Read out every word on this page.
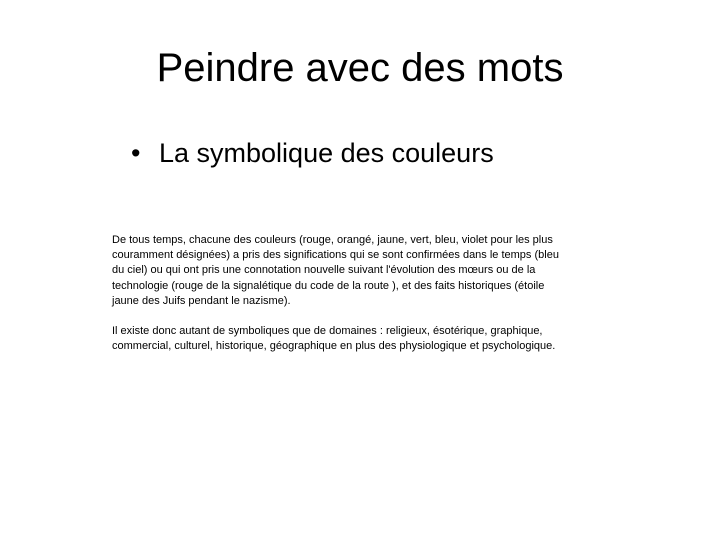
Peindre avec des mots
• La symbolique des couleurs

De tous temps, chacune des couleurs (rouge, orangé, jaune, vert, bleu, violet pour les plus
couramment désignées) a pris des significations qui se sont confirmées dans le temps (bleu
du ciel) ou qui ont pris une connotation nouvelle suivant l'évolution des mœurs ou de la
technologie (rouge de la signalétique du code de la route ), et des faits historiques (étoile
jaune des Juifs pendant le nazisme).

Il existe donc autant de symboliques que de domaines : religieux, ésotérique, graphique,
commercial, culturel, historique, géographique en plus des physiologique et psychologique.
